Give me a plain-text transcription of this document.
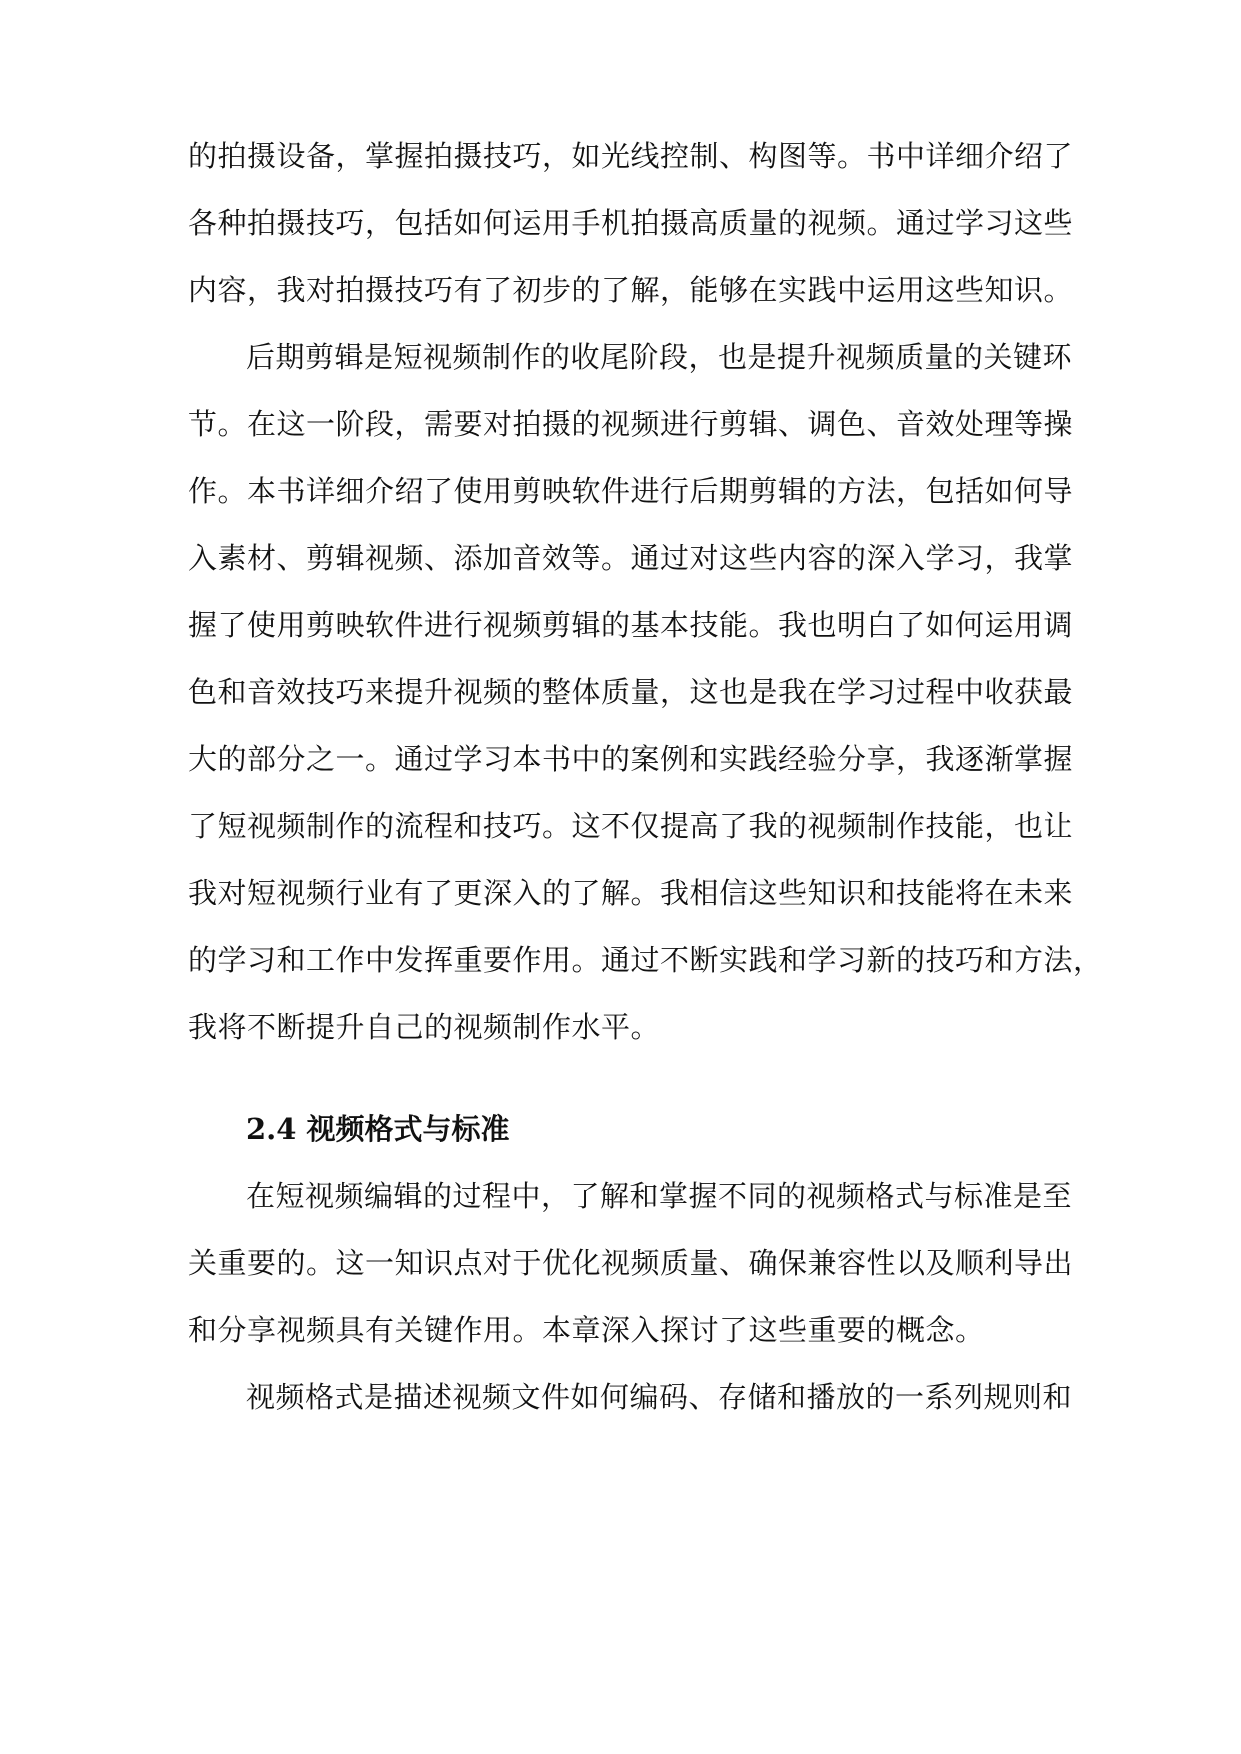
的拍摄设备，掌握拍摄技巧，如光线控制、构图等。书中详细介绍了
各种拍摄技巧，包括如何运用手机拍摄高质量的视频。通过学习这些
内容，我对拍摄技巧有了初步的了解，能够在实践中运用这些知识。
后期剪辑是短视频制作的收尾阶段，也是提升视频质量的关键环
节。在这一阶段，需要对拍摄的视频进行剪辑、调色、音效处理等操
作。本书详细介绍了使用剪映软件进行后期剪辑的方法，包括如何导
入素材、剪辑视频、添加音效等。通过对这些内容的深入学习，我掌
握了使用剪映软件进行视频剪辑的基本技能。我也明白了如何运用调
色和音效技巧来提升视频的整体质量，这也是我在学习过程中收获最
大的部分之一。通过学习本书中的案例和实践经验分享，我逐渐掌握
了短视频制作的流程和技巧。这不仅提高了我的视频制作技能，也让
我对短视频行业有了更深入的了解。我相信这些知识和技能将在未来
的学习和工作中发挥重要作用。通过不断实践和学习新的技巧和方法，
我将不断提升自己的视频制作水平。
2.4 视频格式与标准
在短视频编辑的过程中，了解和掌握不同的视频格式与标准是至
关重要的。这一知识点对于优化视频质量、确保兼容性以及顺利导出
和分享视频具有关键作用。本章深入探讨了这些重要的概念。
视频格式是描述视频文件如何编码、存储和播放的一系列规则和
